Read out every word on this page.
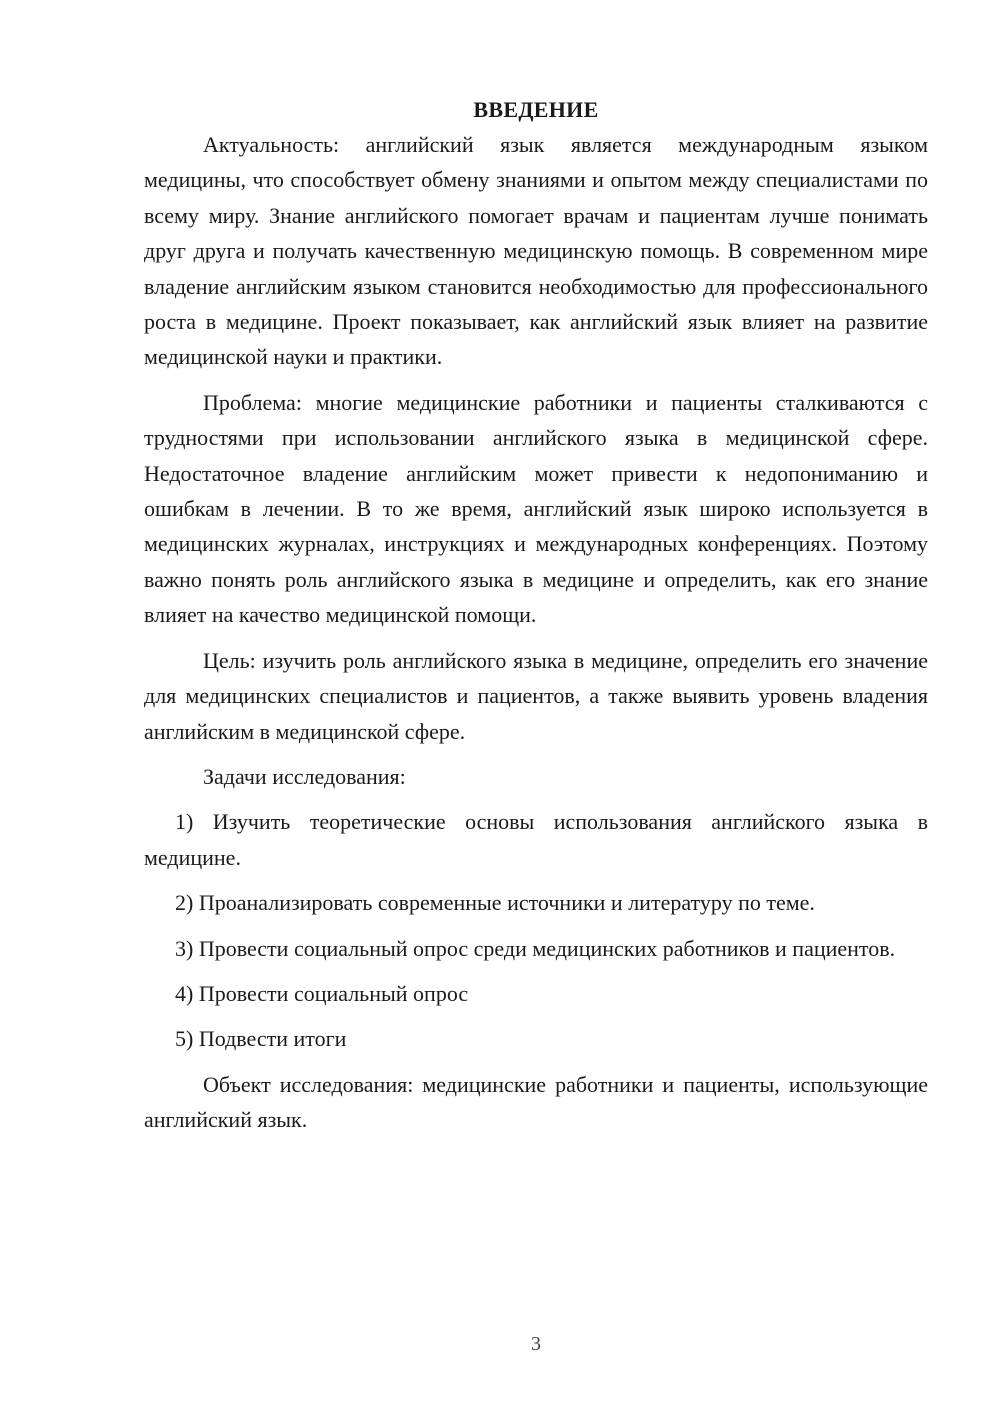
ВВЕДЕНИЕ

Актуальность: английский язык является международным языком медицины, что способствует обмену знаниями и опытом между специалистами по всему миру. Знание английского помогает врачам и пациентам лучше понимать друг друга и получать качественную медицинскую помощь. В современном мире владение английским языком становится необходимостью для профессионального роста в медицине. Проект показывает, как английский язык влияет на развитие медицинской науки и практики.

Проблема: многие медицинские работники и пациенты сталкиваются с трудностями при использовании английского языка в медицинской сфере. Недостаточное владение английским может привести к недопониманию и ошибкам в лечении. В то же время, английский язык широко используется в медицинских журналах, инструкциях и международных конференциях. Поэтому важно понять роль английского языка в медицине и определить, как его знание влияет на качество медицинской помощи.

Цель: изучить роль английского языка в медицине, определить его значение для медицинских специалистов и пациентов, а также выявить уровень владения английским в медицинской сфере.

Задачи исследования:

1) Изучить теоретические основы использования английского языка в медицине.

2) Проанализировать современные источники и литературу по теме.

3) Провести социальный опрос среди медицинских работников и пациентов.

4) Провести социальный опрос

5) Подвести итоги

Объект исследования: медицинские работники и пациенты, использующие английский язык.

3
